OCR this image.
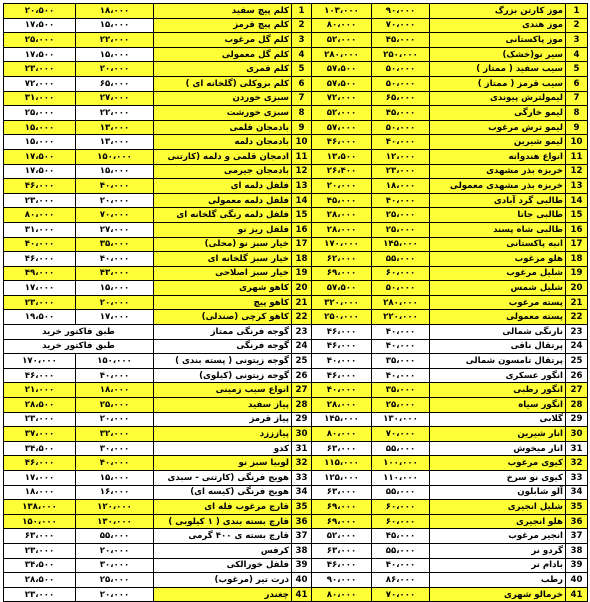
1	موز کارتن بزرگ	۹۰،۰۰۰	۱۰۳،۰۰۰	1	کلم پیچ سفید	۱۸،۰۰۰	۲۰،۵۰۰
2	موز هندی	۷۰،۰۰۰	۸۰،۰۰۰	2	کلم پیچ قرمز	۱۵،۰۰۰	۱۷،۵۰۰
3	موز پاکستانی	۴۵،۰۰۰	۵۲،۰۰۰	3	کلم گل مرغوب	۲۲،۰۰۰	۲۵،۰۰۰
4	سیر نو(خشک)	۲۵۰،۰۰۰	۲۸۰،۰۰۰	4	کلم گل معمولی	۱۵،۰۰۰	۱۷،۵۰۰
5	سیب سفید ( ممتاز )	۵۰،۰۰۰	۵۷،۵۰۰	5	کلم قمری	۲۰،۰۰۰	۲۳،۰۰۰
6	سیب قرمز ( ممتاز )	۵۰،۰۰۰	۵۷،۵۰۰	6	کلم بروکلی (گلخانه ای )	۶۵،۰۰۰	۷۲،۰۰۰
7	لیمولترش پیوندی	۶۵،۰۰۰	۷۲،۰۰۰	7	سبزی خوردن	۲۷،۰۰۰	۳۱،۰۰۰
8	لیمو خارگی	۴۵،۰۰۰	۵۲،۰۰۰	8	سبزی خورشت	۲۲،۰۰۰	۲۵،۰۰۰
9	لیمو ترش مرغوب	۵۰،۰۰۰	۵۷،۰۰۰	9	بادمجان قلمی	۱۳،۰۰۰	۱۵،۰۰۰
10	لیمو شیرین	۴۰،۰۰۰	۴۶،۰۰۰	10	بادمجان دلمه	۱۳،۰۰۰	۱۵،۰۰۰
11	انواع هندوانه	۱۲،۰۰۰	۱۳،۵۰۰	11	ادمجان قلمی و دلمه (کارتنی	۱۵۰،۰۰۰	۱۷،۵۰۰
12	خربزه بذر مشهدی	۲۳،۰۰۰	۲۶،۴۰۰	12	بادمجان جیرمی	۱۵،۰۰۰	۱۷،۵۰۰
13	خربزه بذر مشهدی معمولی	۱۸،۰۰۰	۲۰،۰۰۰	13	فلفل دلمه ای	۴۰،۰۰۰	۴۶،۰۰۰
14	طالبی گرد آبادی	۴۰،۰۰۰	۴۵،۰۰۰	14	فلفل دلمه معمولی	۲۰،۰۰۰	۲۳،۰۰۰
15	طالبی جاتا	۲۵،۰۰۰	۲۸،۰۰۰	15	فلفل دلمه رنگی گلخانه ای	۷۰،۰۰۰	۸۰،۰۰۰
16	طالبی شاه پسند	۲۵،۰۰۰	۲۸،۰۰۰	16	فلفل ریز نو	۲۷،۰۰۰	۳۱،۰۰۰
17	انبه پاکستانی	۱۴۵،۰۰۰	۱۷۰،۰۰۰	17	خیار سبز نو (محلی)	۳۵،۰۰۰	۴۰،۰۰۰
18	هلو مرغوب	۵۵،۰۰۰	۶۲،۰۰۰	18	خیار سبز گلخانه ای	۴۰،۰۰۰	۴۶،۰۰۰
19	شلیل مرغوب	۶۰،۰۰۰	۶۹،۰۰۰	19	خیار سبز اصلاحی	۴۳،۰۰۰	۴۹،۰۰۰
20	شلیل شمس	۵۰،۰۰۰	۵۷،۵۰۰	20	کاهو شهری	۱۵،۰۰۰	۱۷،۰۰۰
21	پسته مرغوب	۲۸۰،۰۰۰	۳۲۰،۰۰۰	21	کاهو پیچ	۲۰،۰۰۰	۲۳،۰۰۰
22	پسته معمولی	۲۲۰،۰۰۰	۲۵۰،۰۰۰	22	کاهو کرچی (صندلی)	۱۷،۰۰۰	۱۹،۵۰۰
23	نارنگی شمالی	۴۰،۰۰۰	۴۶،۰۰۰	23	گوجه فرنگی ممتاز	طبق فاکتور خرید	
24	پرتقال ناقی	۴۰،۰۰۰	۴۶،۰۰۰	24	گوجه فرنگی	طبق فاکتور خرید	
25	پرتقال تامسون شمالی	۳۵،۰۰۰	۴۰،۰۰۰	25	گوجه زیتونی ( پسته بندی )	۱۵۰،۰۰۰	۱۷۰،۰۰۰
26	انگور عسکری	۴۰،۰۰۰	۴۶،۰۰۰	26	گوجه زیتونی (کیلوی)	۴۰،۰۰۰	۴۶،۰۰۰
27	انگور رطبی	۳۵،۰۰۰	۴۰،۰۰۰	27	انواع سیب زمینی	۱۸،۰۰۰	۲۱،۰۰۰
28	انگور سیاه	۲۵،۰۰۰	۲۸،۰۰۰	28	پیاز سفید	۲۵،۰۰۰	۲۸،۵۰۰
29	گلابی	۱۳۰،۰۰۰	۱۴۵،۰۰۰	29	پیاز قرمز	۲۰،۰۰۰	۲۳،۰۰۰
30	انار شیرین	۷۰،۰۰۰	۸۰،۰۰۰	30	پیازززد	۳۲،۰۰۰	۳۷،۰۰۰
31	انار میخوش	۵۵،۰۰۰	۶۳،۰۰۰	31	کدو	۳۰،۰۰۰	۳۴،۵۰۰
32	کیوی مرغوب	۱۰۰،۰۰۰	۱۱۵،۰۰۰	32	لوبیا سبز نو	۴۰،۰۰۰	۴۶،۰۰۰
33	کیوی نو سرخ	۱۱۰،۰۰۰	۱۲۵،۰۰۰	33	هویج فرنگی (کارتنی - سبدی	۱۵،۰۰۰	۱۷،۰۰۰
34	آلو شابلون	۵۵،۰۰۰	۶۳،۰۰۰	34	هویج فرنگی (کیسه ای)	۱۶،۰۰۰	۱۸،۰۰۰
35	شلیل انجیری	۶۰،۰۰۰	۶۹،۰۰۰	35	قارچ مرغوب فله ای	۱۲۰،۰۰۰	۱۳۸،۰۰۰
36	هلو انجیری	۶۰،۰۰۰	۶۹،۰۰۰	36	قارچ بسته بندی ( ۱ کیلویی )	۱۳۰،۰۰۰	۱۵۰،۰۰۰
37	انجیر مرغوب	۴۵،۰۰۰	۵۲،۰۰۰	37	قارچ بسته ی ۴۰۰ گرمی	۵۵،۰۰۰	۶۳،۰۰۰
38	گردو نر	۵۵،۰۰۰	۶۳،۰۰۰	38	کرفس	۲۰،۰۰۰	۲۳،۰۰۰
39	بادام نر	۴۰،۰۰۰	۴۶،۰۰۰	39	فلفل خورالکی	۳۰،۰۰۰	۳۴،۵۰۰
40	رطب	۸۶،۰۰۰	۹۰،۰۰۰	40	ذرت تیر (مرغوب)	۲۵،۰۰۰	۲۸،۵۰۰
41	خرمالو شهری	۷۰،۰۰۰	۸۰،۰۰۰	41	چغندر	۲۰،۰۰۰	۲۳،۰۰۰
